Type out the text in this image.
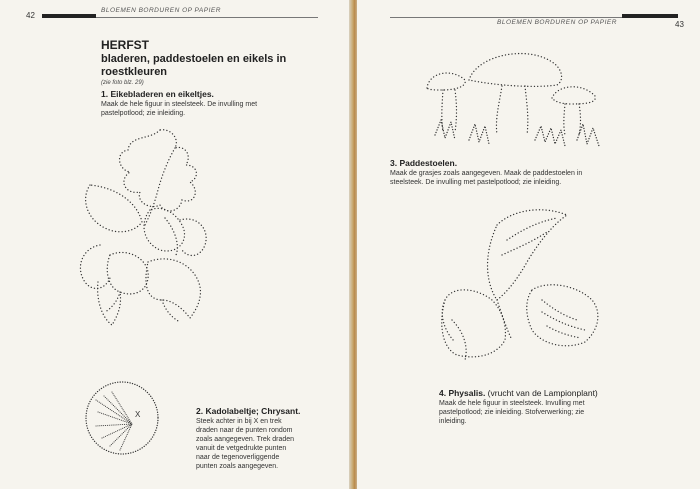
42
BLOEMEN BORDUREN OP PAPIER
HERFST
bladeren, paddestoelen en eikels in
roestkleuren
(zie foto blz. 29)
1. Eikebladeren en eikeltjes.
Maak de hele figuur in steelsteek. De invulling met
pastelpotlood; zie inleiding.
X	2. Kadolabeltje; Chrysant.
Steek achter in bij X en trek
draden naar de punten rondom
zoals aangegeven. Trek draden
vanuit de vetgedrukte punten
naar de tegenoverliggende
punten zoals aangegeven.
BLOEMEN BORDUREN OP PAPIER	43
3. Paddestoelen.
Maak de grasjes zoals aangegeven. Maak de paddestoelen in
steelsteek. De invulling met pastelpotlood; zie inleiding.
4. Physalis. (vrucht van de Lampionplant)
Maak de hele figuur in steelsteek. Invulling met
pastelpotlood; zie inleiding. Stofverwerking; zie
inleiding.
